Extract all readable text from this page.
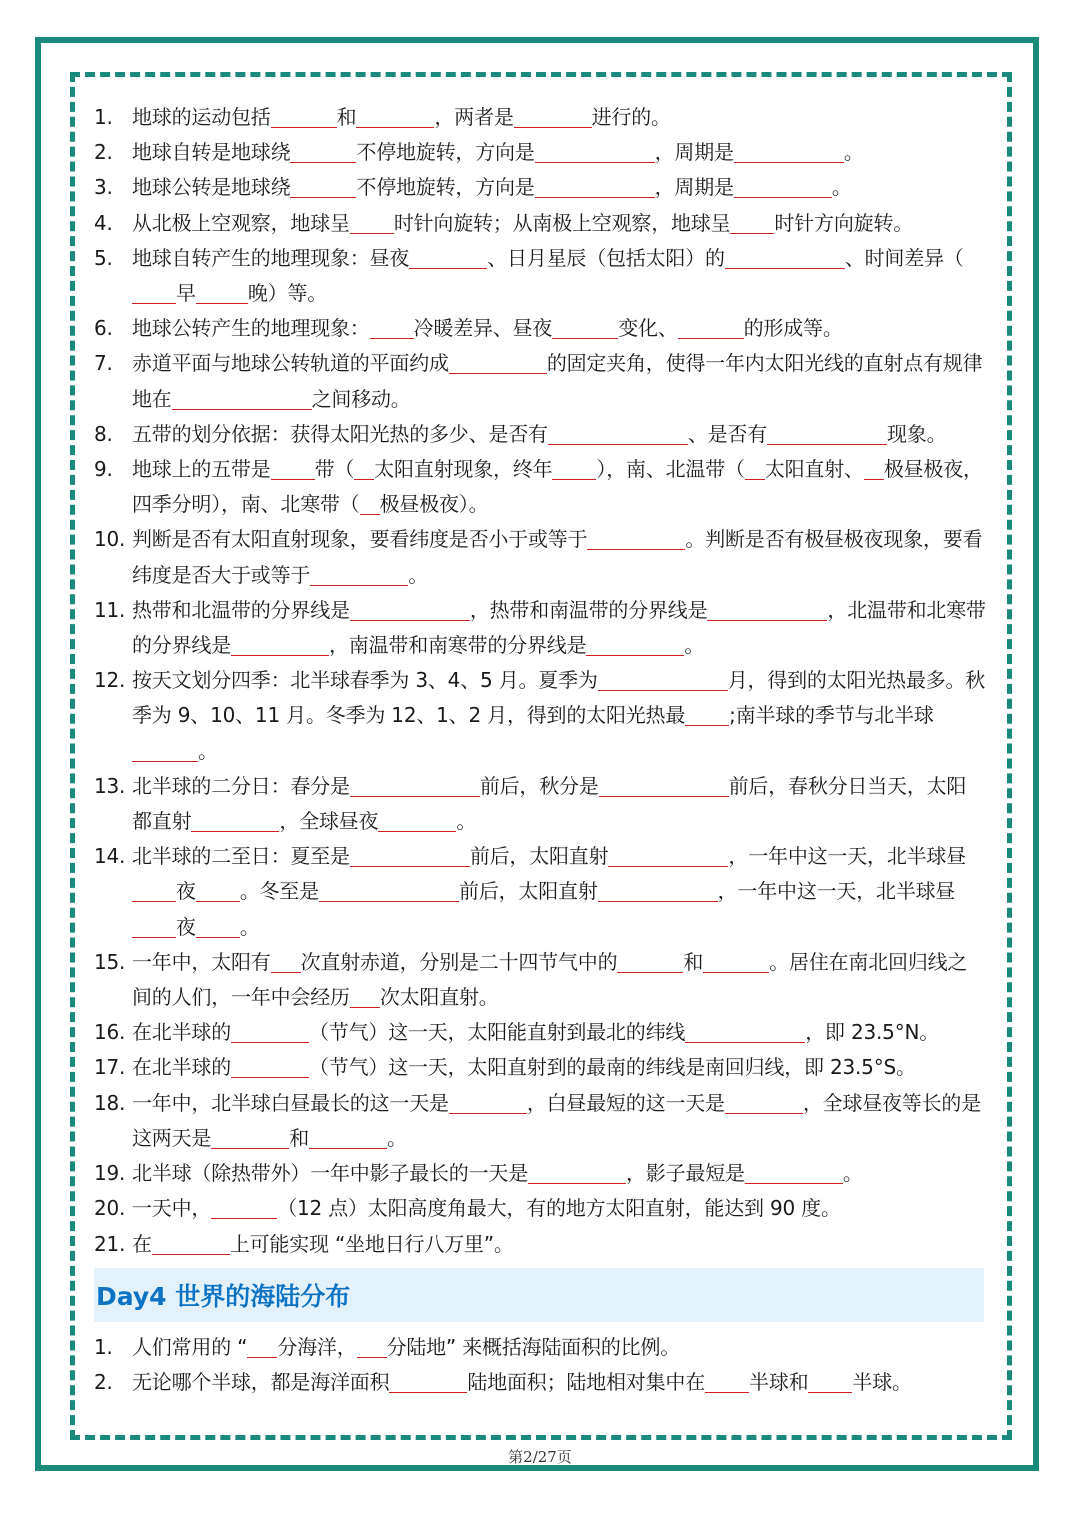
1. 地球的运动包括	和	，两者是	进行的。
2. 地球自转是地球绕	不停地旋转，方向是	，周期是	。
3. 地球公转是地球绕	不停地旋转，方向是	，周期是	。
4. 从北极上空观察，地球呈 时针向旋转；从南极上空观察，地球呈 时针方向旋转。
5. 地球自转产生的地理现象：昼夜	、日月星辰（包括太阳）的	、时间差异（早	晚）等。
6. 地球公转产生的地理现象： 冷暖差异、昼夜	变化、	的形成等。
7. 赤道平面与地球公转轨道的平面约成	的固定夹角，使得一年内太阳光线的直射点有规律地在	之间移动。
8. 五带的划分依据：获得太阳光热的多少、是否有	、是否有	现象。
9. 地球上的五带是 带（ 太阳直射现象，终年 ），南、北温带（ 太阳直射、 极昼极夜，四季分明），南、北寒带（ 极昼极夜）。
10. 判断是否有太阳直射现象，要看纬度是否小于或等于	。判断是否有极昼极夜现象，要看纬度是否大于或等于	。
11. 热带和北温带的分界线是	，热带和南温带的分界线是	，北温带和北寒带的分界线是	，南温带和南寒带的分界线是	。
12. 按天文划分四季：北半球春季为 3、4、5 月。夏季为	月，得到的太阳光热最多。秋季为 9、10、11 月。冬季为 12、1、2 月，得到的太阳光热最 ;南半球的季节与北半球。
13. 北半球的二分日：春分是	前后，秋分是	前后，春秋分日当天，太阳都直射	，全球昼夜	。
14. 北半球的二至日：夏至是	前后，太阳直射	，一年中这一天，北半球昼夜 。冬至是	前后，太阳直射	，一年中这一天，北半球昼夜 。
15. 一年中，太阳有 次直射赤道，分别是二十四节气中的	和	。居住在南北回归线之间的人们，一年中会经历 次太阳直射。
16. 在北半球的	（节气）这一天，太阳能直射到最北的纬线	，即 23.5°N。
17. 在北半球的	（节气）这一天，太阳直射到的最南的纬线是南回归线，即 23.5°S。
18. 一年中，北半球白昼最长的这一天是	，白昼最短的这一天是	，全球昼夜等长的是这两天是	和	。
19. 北半球（除热带外）一年中影子最长的一天是	，影子最短是	。
20. 一天中，	（12 点）太阳高度角最大，有的地方太阳直射，能达到 90 度。
21. 在	上可能实现 “坐地日行八万里”。
Day4 世界的海陆分布
1. 人们常用的 “ 分海洋， 分陆地” 来概括海陆面积的比例。
2. 无论哪个半球，都是海洋面积	陆地面积；陆地相对集中在 半球和 半球。
第2/27页
